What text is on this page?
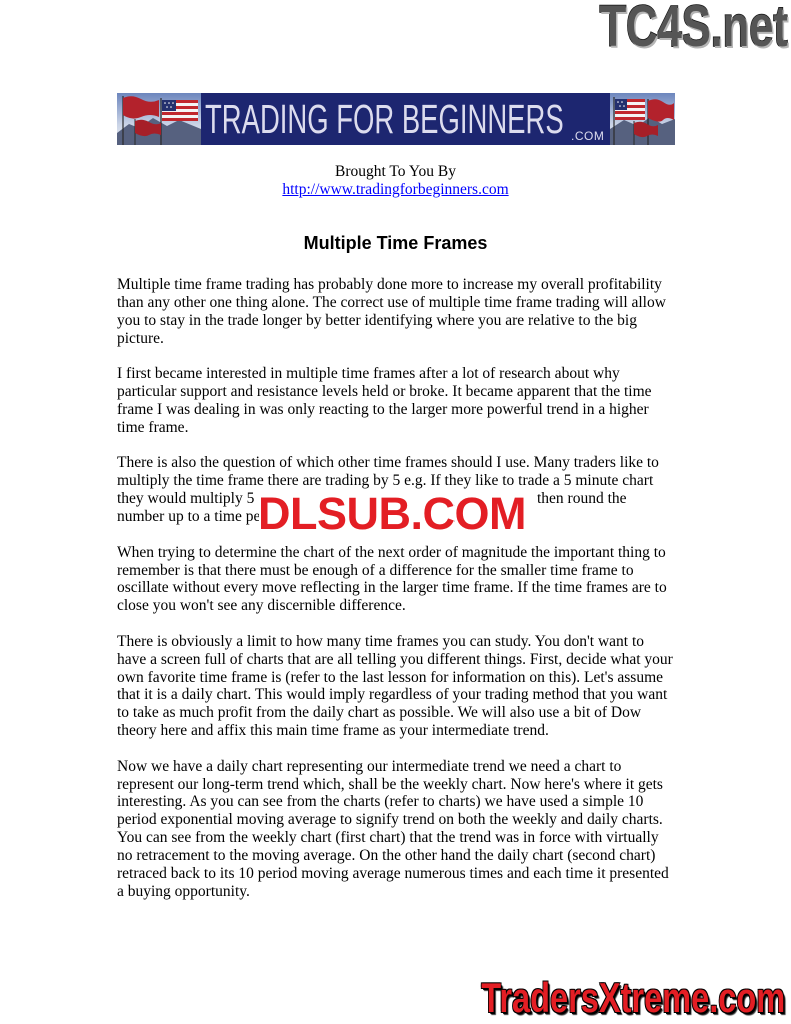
TC4S.net
TRADING FOR BEGINNERS .COM
Brought To You By
http://www.tradingforbeginners.com
Multiple Time Frames
Multiple time frame trading has probably done more to increase my overall profitability
than any other one thing alone. The correct use of multiple time frame trading will allow
you to stay in the trade longer by better identifying where you are relative to the big
picture.
I first became interested in multiple time frames after a lot of research about why
particular support and resistance levels held or broke. It became apparent that the time
frame I was dealing in was only reacting to the larger more powerful trend in a higher
time frame.
There is also the question of which other time frames should I use. Many traders like to
multiply the time frame there are trading by 5 e.g. If they like to trade a 5 minute chart
they would multiply 5	then round the
number up to a time pe
When trying to determine the chart of the next order of magnitude the important thing to
remember is that there must be enough of a difference for the smaller time frame to
oscillate without every move reflecting in the larger time frame. If the time frames are to
close you won't see any discernible difference.
There is obviously a limit to how many time frames you can study. You don't want to
have a screen full of charts that are all telling you different things. First, decide what your
own favorite time frame is (refer to the last lesson for information on this). Let's assume
that it is a daily chart. This would imply regardless of your trading method that you want
to take as much profit from the daily chart as possible. We will also use a bit of Dow
theory here and affix this main time frame as your intermediate trend.
Now we have a daily chart representing our intermediate trend we need a chart to
represent our long-term trend which, shall be the weekly chart. Now here's where it gets
interesting. As you can see from the charts (refer to charts) we have used a simple 10
period exponential moving average to signify trend on both the weekly and daily charts.
You can see from the weekly chart (first chart) that the trend was in force with virtually
no retracement to the moving average. On the other hand the daily chart (second chart)
retraced back to its 10 period moving average numerous times and each time it presented
a buying opportunity.
DLSUB.COM
TradersXtreme.com
